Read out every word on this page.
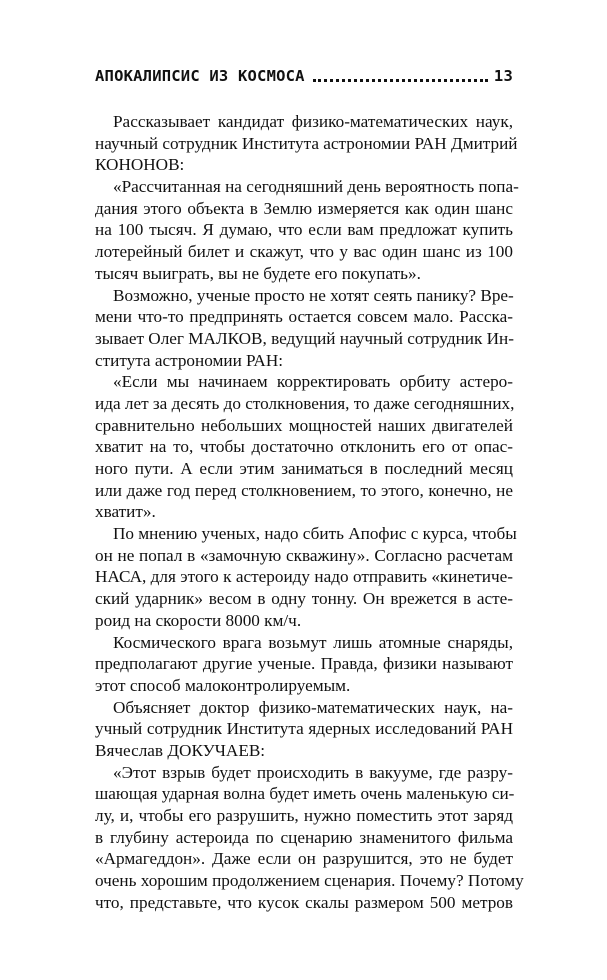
АПОКАЛИПСИС ИЗ КОСМОСА	13
Рассказывает кандидат физико-математических наук,
научный сотрудник Института астрономии РАН Дмитрий
КОНОНОВ:
«Рассчитанная на сегодняшний день вероятность попа-
дания этого объекта в Землю измеряется как один шанс
на 100 тысяч. Я думаю, что если вам предложат купить
лотерейный билет и скажут, что у вас один шанс из 100
тысяч выиграть, вы не будете его покупать».
Возможно, ученые просто не хотят сеять панику? Вре-
мени что-то предпринять остается совсем мало. Расска-
зывает Олег МАЛКОВ, ведущий научный сотрудник Ин-
ститута астрономии РАН:
«Если мы начинаем корректировать орбиту астеро-
ида лет за десять до столкновения, то даже сегодняшних,
сравнительно небольших мощностей наших двигателей
хватит на то, чтобы достаточно отклонить его от опас-
ного пути. А если этим заниматься в последний месяц
или даже год перед столкновением, то этого, конечно, не
хватит».
По мнению ученых, надо сбить Апофис с курса, чтобы
он не попал в «замочную скважину». Согласно расчетам
НАСА, для этого к астероиду надо отправить «кинетиче-
ский ударник» весом в одну тонну. Он врежется в астe-
роид на скорости 8000 км/ч.
Космического врага возьмут лишь атомные снаряды,
предполагают другие ученые. Правда, физики называют
этот способ малоконтролируемым.
Объясняет доктор физико-математических наук, на-
учный сотрудник Института ядерных исследований РАН
Вячеслав ДОКУЧАЕВ:
«Этот взрыв будет происходить в вакууме, где разру-
шающая ударная волна будет иметь очень маленькую си-
лу, и, чтобы его разрушить, нужно поместить этот заряд
в глубину астероида по сценарию знаменитого фильма
«Армагеддон». Даже если он разрушится, это не будет
очень хорошим продолжением сценария. Почему? Потому
что, представьте, что кусок скалы размером 500 метров
